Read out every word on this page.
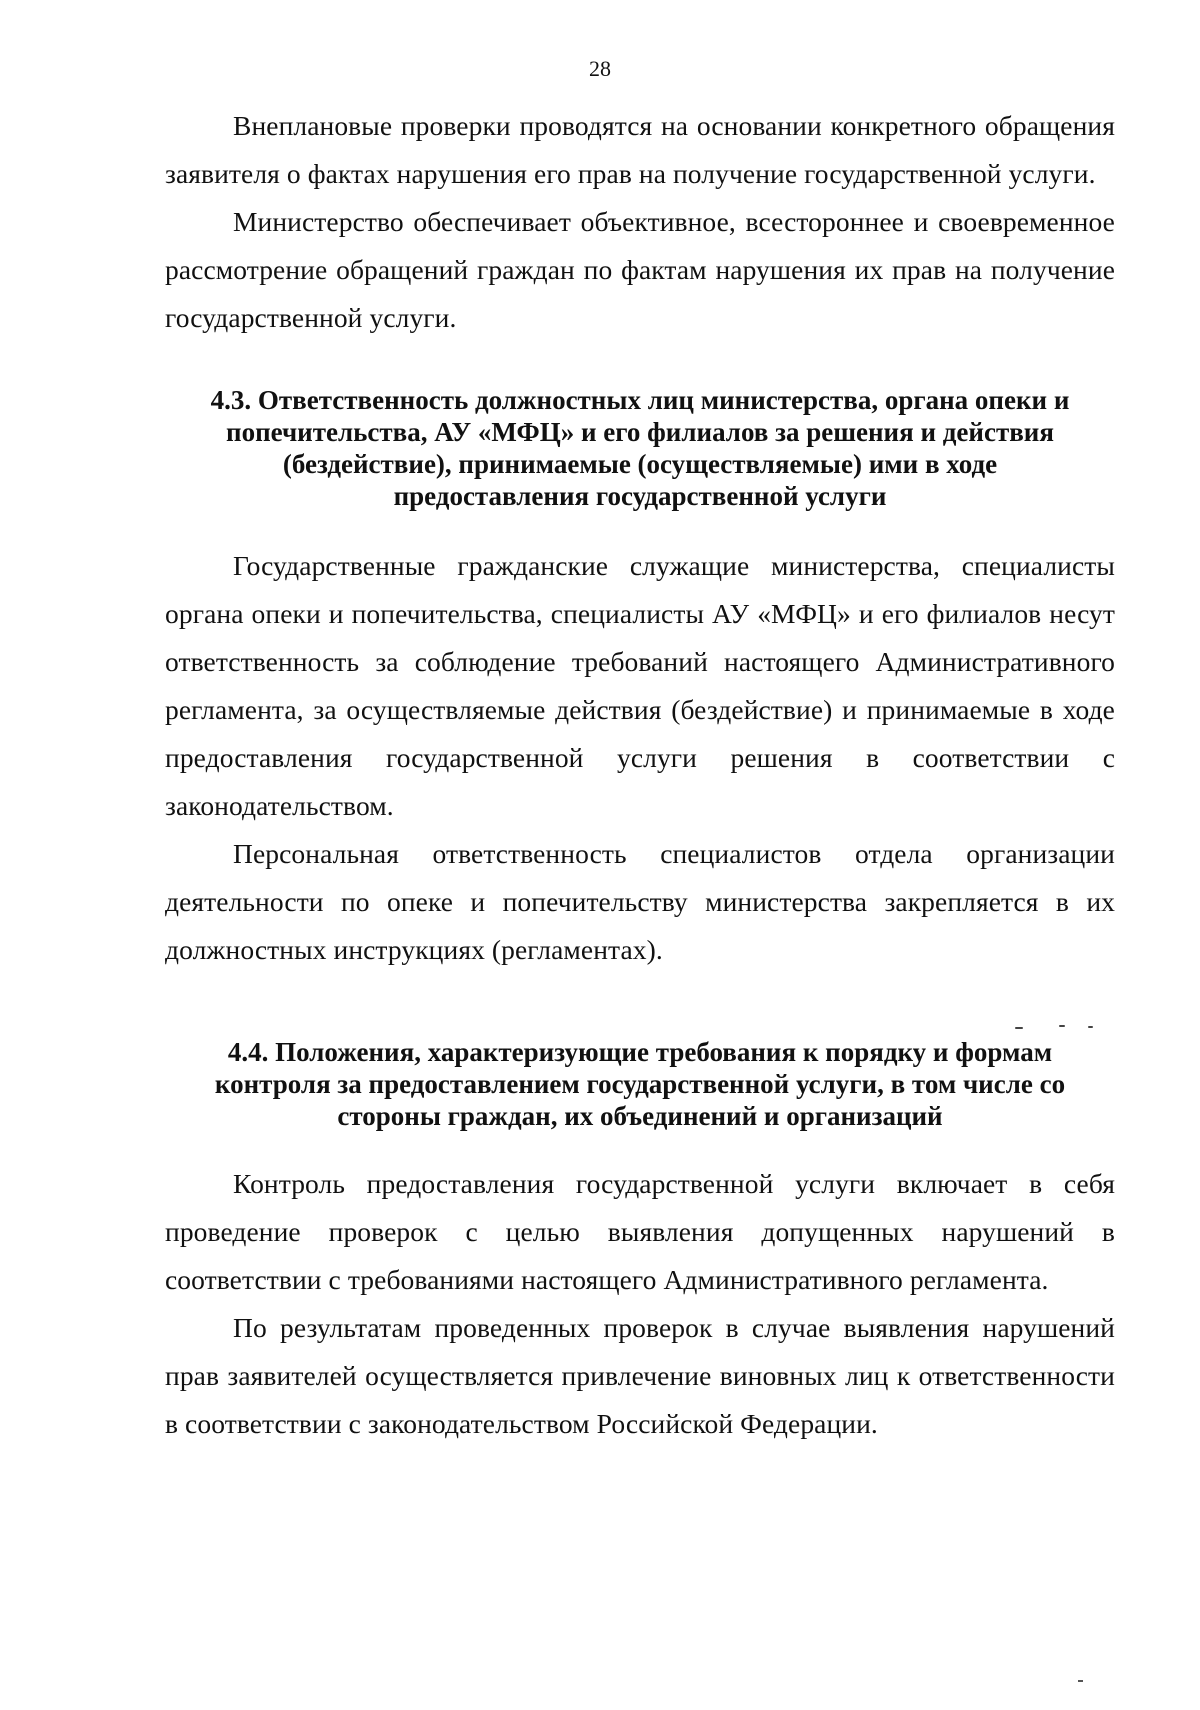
28

Внеплановые проверки проводятся на основании конкретного обращения заявителя о фактах нарушения его прав на получение государственной услуги.

Министерство обеспечивает объективное, всестороннее и своевременное рассмотрение обращений граждан по фактам нарушения их прав на получение государственной услуги.

4.3. Ответственность должностных лиц министерства, органа опеки и попечительства, АУ «МФЦ» и его филиалов за решения и действия (бездействие), принимаемые (осуществляемые) ими в ходе предоставления государственной услуги

Государственные гражданские служащие министерства, специалисты органа опеки и попечительства, специалисты АУ «МФЦ» и его филиалов несут ответственность за соблюдение требований настоящего Административного регламента, за осуществляемые действия (бездействие) и принимаемые в ходе предоставления государственной услуги решения в соответствии с законодательством.

Персональная ответственность специалистов отдела организации деятельности по опеке и попечительству министерства закрепляется в их должностных инструкциях (регламентах).

4.4. Положения, характеризующие требования к порядку и формам контроля за предоставлением государственной услуги, в том числе со стороны граждан, их объединений и организаций

Контроль предоставления государственной услуги включает в себя проведение проверок с целью выявления допущенных нарушений в соответствии с требованиями настоящего Административного регламента.

По результатам проведенных проверок в случае выявления нарушений прав заявителей осуществляется привлечение виновных лиц к ответственности в соответствии с законодательством Российской Федерации.
